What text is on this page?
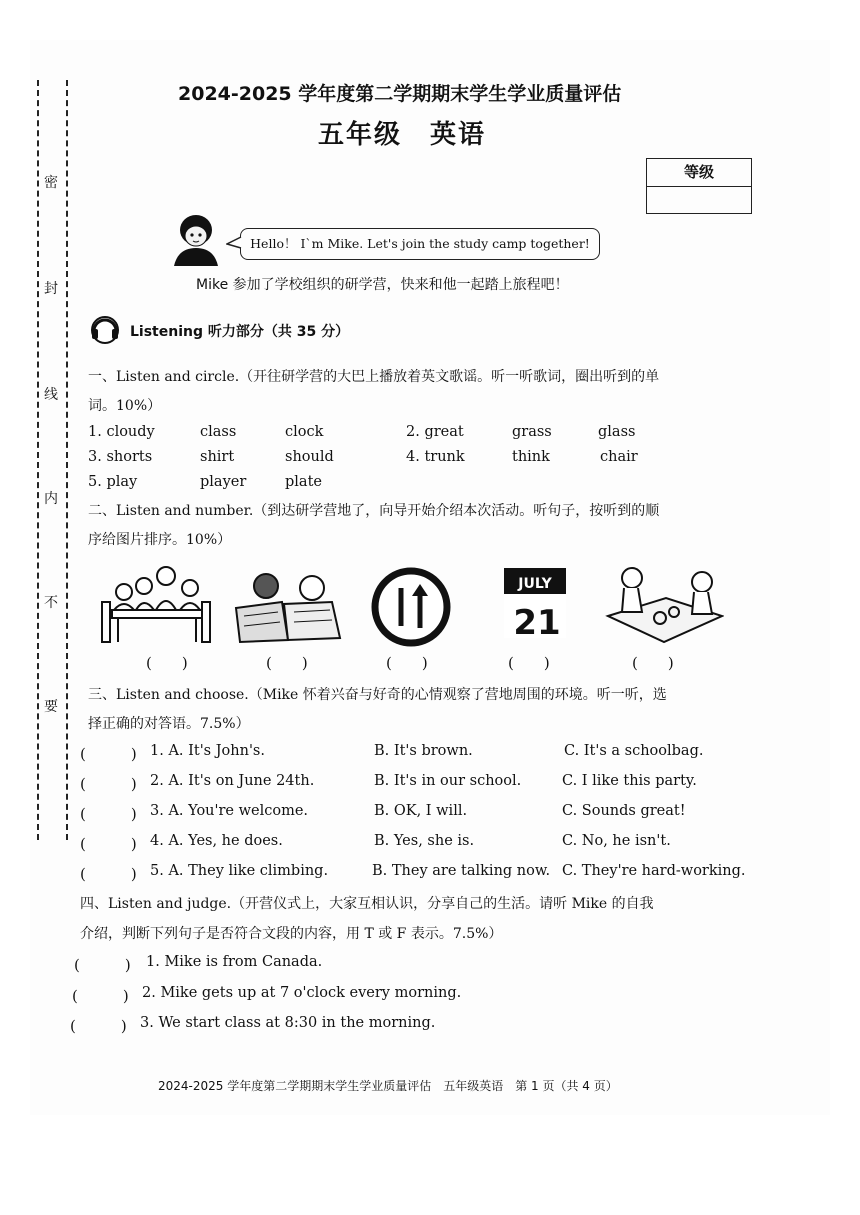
密
封
线
内
不
要
2024-2025 学年度第二学期期末学生学业质量评估
五年级　英语
等级
Hello！ I`m Mike. Let's join the study camp together!
Mike 参加了学校组织的研学营，快来和他一起踏上旅程吧！
Listening 听力部分（共 35 分）
一、Listen and circle.（开往研学营的大巴上播放着英文歌谣。听一听歌词，圈出听到的单
词。10%）
1. cloudy	class	clock	2. great	grass	glass
3. shorts	shirt	should	4. trunk	think	chair
5. play	player	plate
二、Listen and number.（到达研学营地了，向导开始介绍本次活动。听句子，按听到的顺
序给图片排序。10%）
JULY
21
(　　)	(　　)	(　　)	(　　)	(　　)
三、Listen and choose.（Mike 怀着兴奋与好奇的心情观察了营地周围的环境。听一听，选
择正确的对答语。7.5%）
(　　　) 1. A. It's John's.	B. It's brown.	C. It's a schoolbag.
(　　　) 2. A. It's on June 24th.	B. It's in our school.	C. I like this party.
(　　　) 3. A. You're welcome.	B. OK, I will.	C. Sounds great!
(　　　) 4. A. Yes, he does.	B. Yes, she is.	C. No, he isn't.
(　　　) 5. A. They like climbing.	B. They are talking now. C. They're hard-working.
四、Listen and judge.（开营仪式上，大家互相认识，分享自己的生活。请听 Mike 的自我
介绍，判断下列句子是否符合文段的内容，用 T 或 F 表示。7.5%）
(　　　) 1. Mike is from Canada.
(　　　) 2. Mike gets up at 7 o'clock every morning.
(　　　) 3. We start class at 8:30 in the morning.
2024-2025 学年度第二学期期末学生学业质量评估　五年级英语　第 1 页（共 4 页）
